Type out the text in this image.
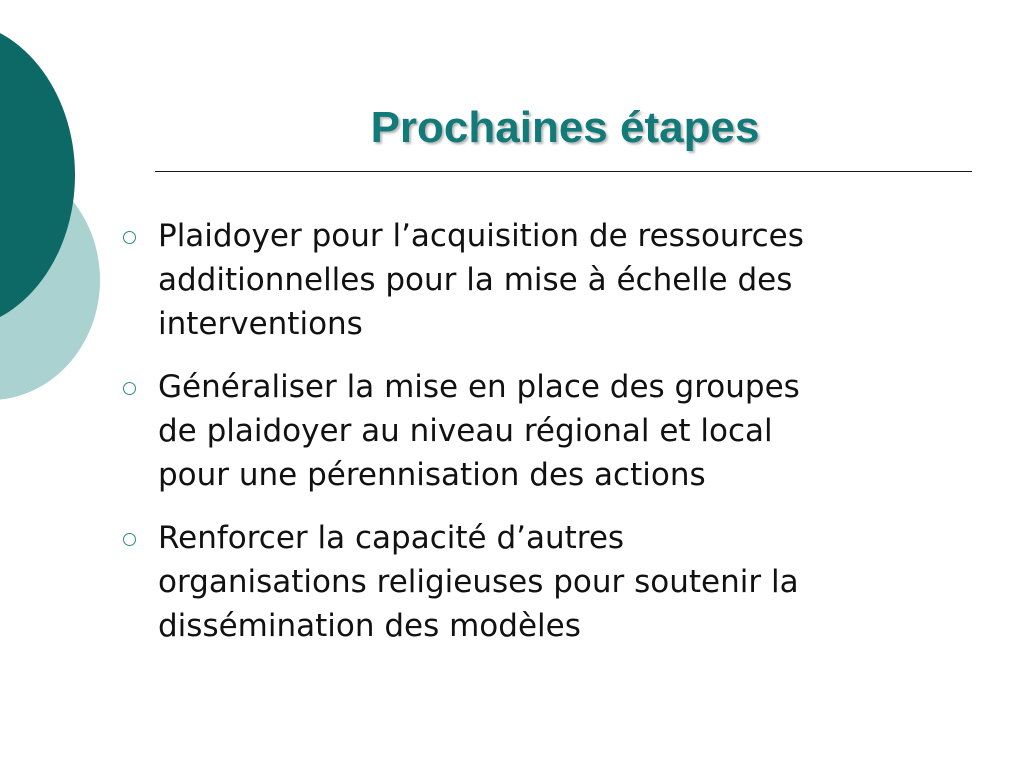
Prochaines étapes
Plaidoyer pour l’acquisition de ressources
additionnelles pour la mise à échelle des
interventions
Généraliser la mise en place des groupes
de plaidoyer au niveau régional et local
pour une pérennisation des actions
Renforcer la capacité d’autres
organisations religieuses pour soutenir la
dissémination des modèles
